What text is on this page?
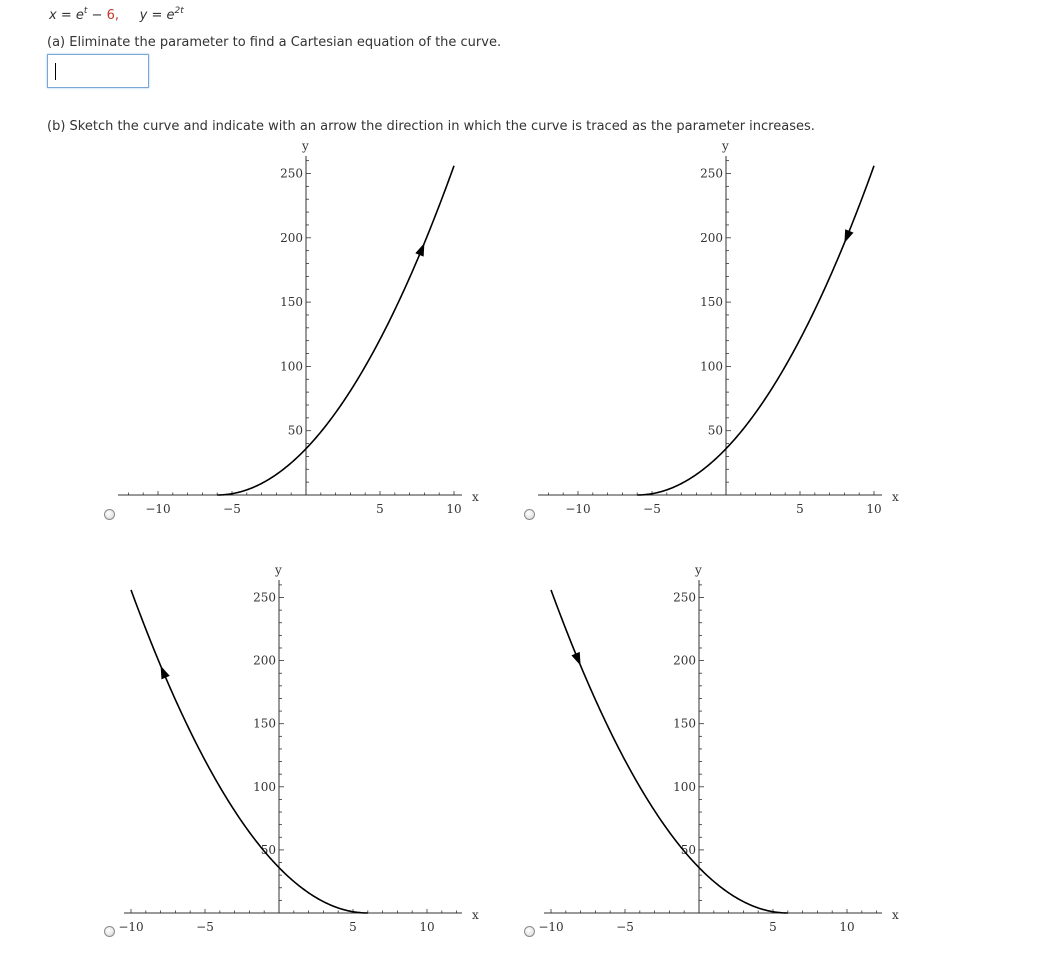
$x = e^t - 6$, $y = e^{2t}$
(a) Eliminate the parameter to find a Cartesian equation of the curve.
(b) Sketch the curve and indicate with an arrow the direction in which the curve is traced as the parameter increases.
−10	−5	5	10
50
100
150
200
250
x
y
−10	−5	5	10
50
100
150
200
250
x
y
−10	−5	5	10
50
100
150
200
250
x
y
−10	−5	5	10
50
100
150
200
250
x
y
